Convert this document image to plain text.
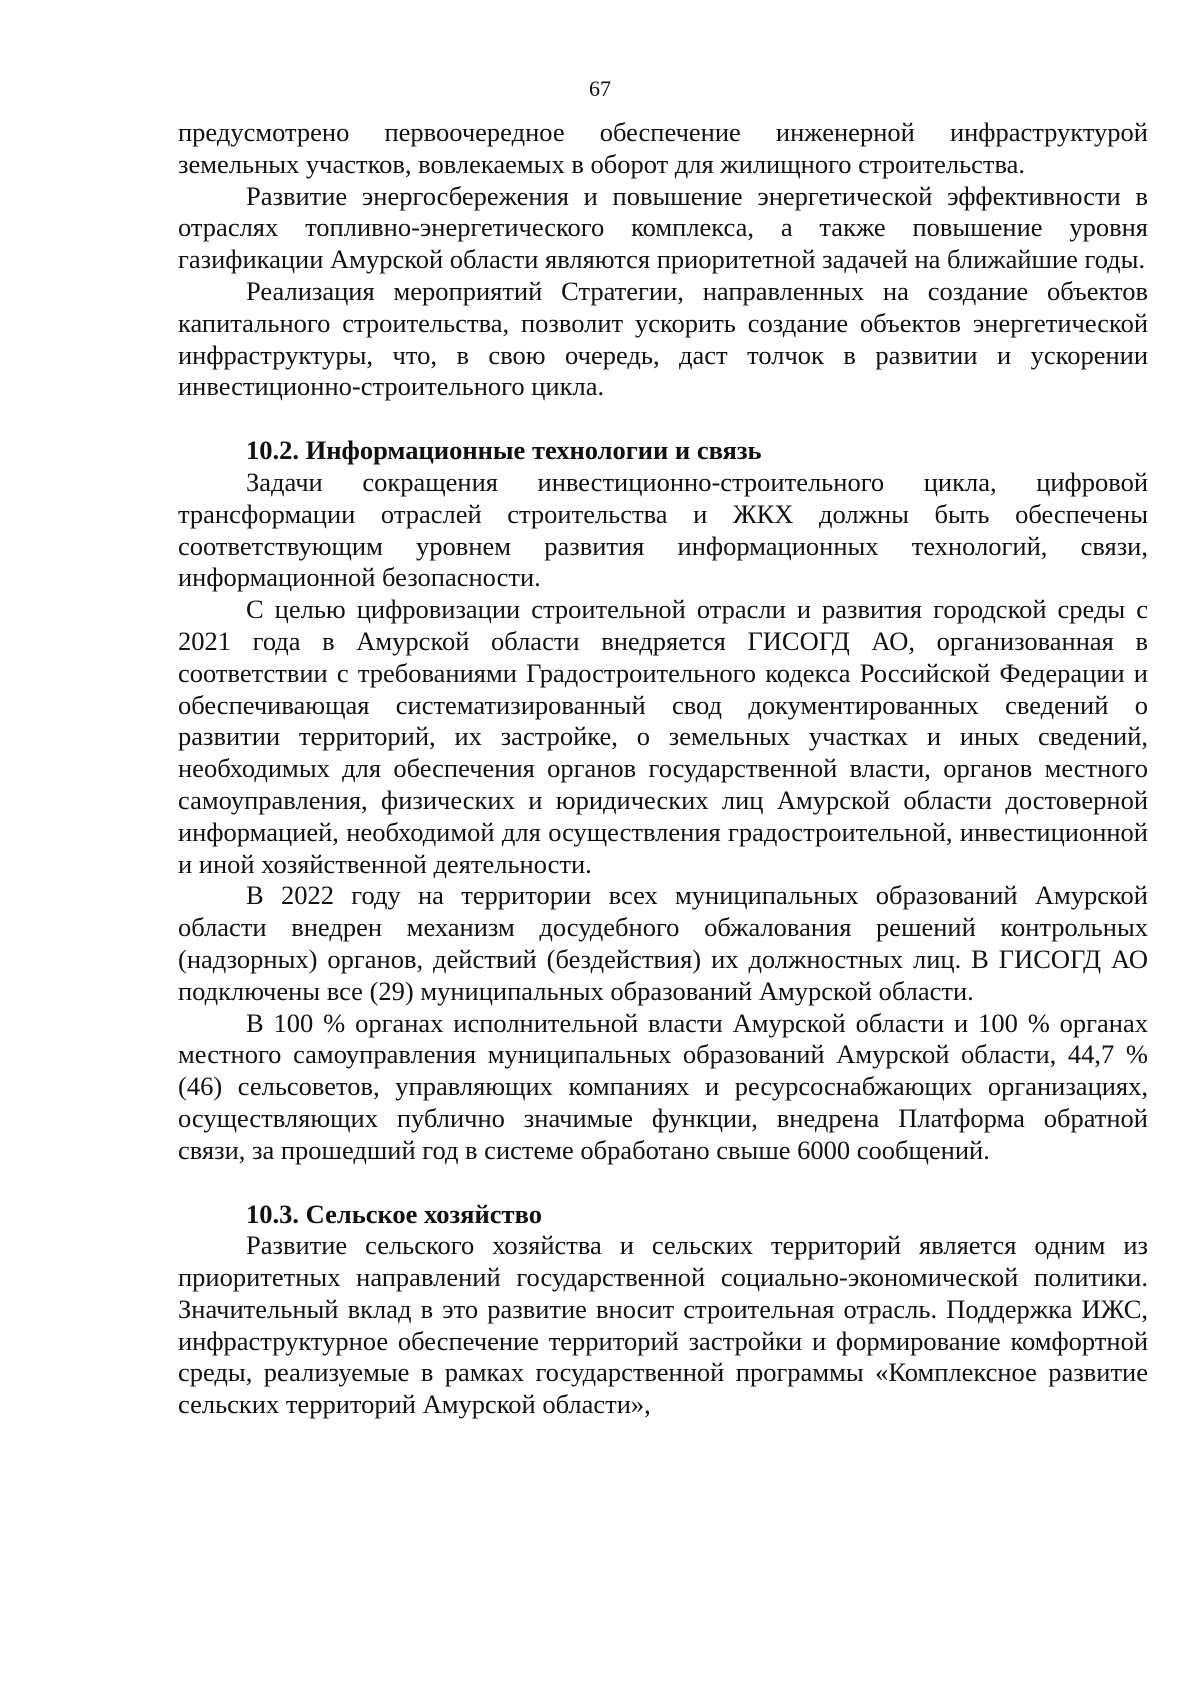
67

предусмотрено первоочередное обеспечение инженерной инфраструктурой земельных участков, вовлекаемых в оборот для жилищного строительства.

Развитие энергосбережения и повышение энергетической эффективности в отраслях топливно-энергетического комплекса, а также повышение уровня газификации Амурской области являются приоритетной задачей на ближайшие годы.

Реализация мероприятий Стратегии, направленных на создание объектов капитального строительства, позволит ускорить создание объектов энергетической инфраструктуры, что, в свою очередь, даст толчок в развитии и ускорении инвестиционно-строительного цикла.

10.2. Информационные технологии и связь

Задачи сокращения инвестиционно-строительного цикла, цифровой трансформации отраслей строительства и ЖКХ должны быть обеспечены соответствующим уровнем развития информационных технологий, связи, информационной безопасности.

С целью цифровизации строительной отрасли и развития городской среды с 2021 года в Амурской области внедряется ГИСОГД АО, организованная в соответствии с требованиями Градостроительного кодекса Российской Федерации и обеспечивающая систематизированный свод документированных сведений о развитии территорий, их застройке, о земельных участках и иных сведений, необходимых для обеспечения органов государственной власти, органов местного самоуправления, физических и юридических лиц Амурской области достоверной информацией, необходимой для осуществления градостроительной, инвестиционной и иной хозяйственной деятельности.

В 2022 году на территории всех муниципальных образований Амурской области внедрен механизм досудебного обжалования решений контрольных (надзорных) органов, действий (бездействия) их должностных лиц. В ГИСОГД АО подключены все (29) муниципальных образований Амурской области.

В 100 % органах исполнительной власти Амурской области и 100 % органах местного самоуправления муниципальных образований Амурской области, 44,7 % (46) сельсоветов, управляющих компаниях и ресурсоснабжающих организациях, осуществляющих публично значимые функции, внедрена Платформа обратной связи, за прошедший год в системе обработано свыше 6000 сообщений.

10.3. Сельское хозяйство

Развитие сельского хозяйства и сельских территорий является одним из приоритетных направлений государственной социально-экономической политики. Значительный вклад в это развитие вносит строительная отрасль. Поддержка ИЖС, инфраструктурное обеспечение территорий застройки и формирование комфортной среды, реализуемые в рамках государственной программы «Комплексное развитие сельских территорий Амурской области»,
